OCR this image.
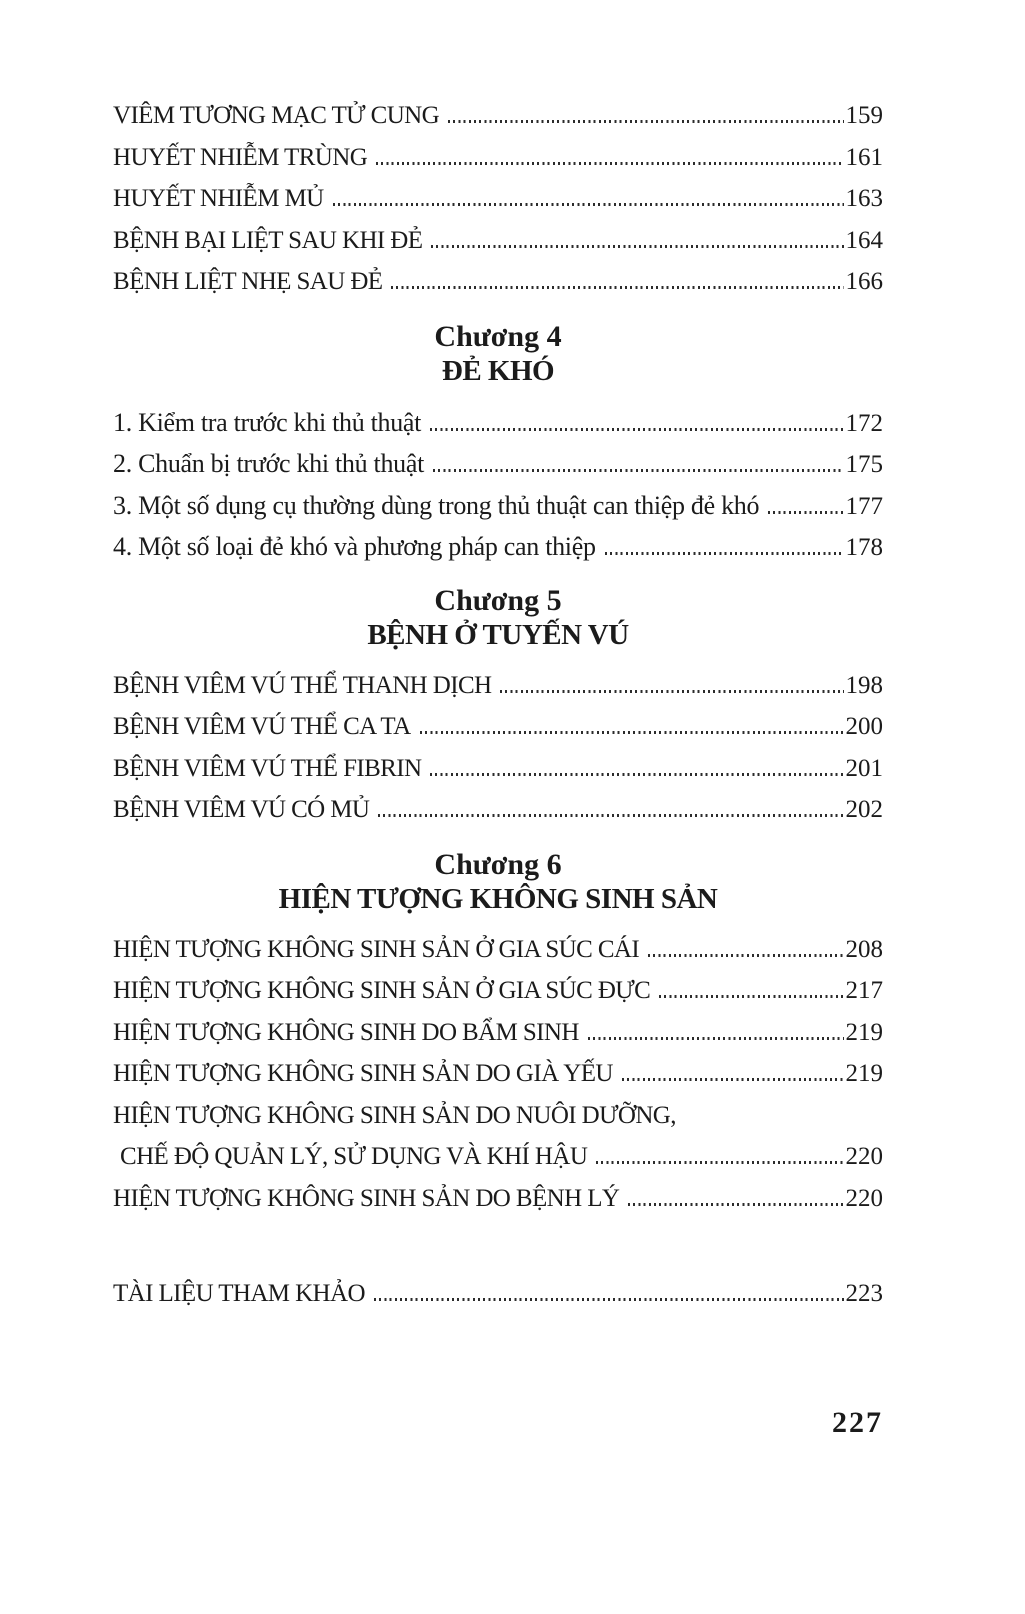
VIÊM TƯƠNG MẠC TỬ CUNG	159
HUYẾT NHIỄM TRÙNG	161
HUYẾT NHIỄM MỦ	163
BỆNH BẠI LIỆT SAU KHI ĐẺ	164
BỆNH LIỆT NHẸ SAU ĐẺ	166
Chương 4
ĐẺ KHÓ
1. Kiểm tra trước khi thủ thuật	172
2. Chuẩn bị trước khi thủ thuật	175
3. Một số dụng cụ thường dùng trong thủ thuật can thiệp đẻ khó	177
4. Một số loại đẻ khó và phương pháp can thiệp	178
Chương 5
BỆNH Ở TUYẾN VÚ
BỆNH VIÊM VÚ THỂ THANH DỊCH	198
BỆNH VIÊM VÚ THỂ CA TA	200
BỆNH VIÊM VÚ THỂ FIBRIN	201
BỆNH VIÊM VÚ CÓ MỦ	202
Chương 6
HIỆN TƯỢNG KHÔNG SINH SẢN
HIỆN TƯỢNG KHÔNG SINH SẢN Ở GIA SÚC CÁI	208
HIỆN TƯỢNG KHÔNG SINH SẢN Ở GIA SÚC ĐỰC	217
HIỆN TƯỢNG KHÔNG SINH DO BẨM SINH	219
HIỆN TƯỢNG KHÔNG SINH SẢN DO GIÀ YẾU	219
HIỆN TƯỢNG KHÔNG SINH SẢN DO NUÔI DƯỠNG,
CHẾ ĐỘ QUẢN LÝ, SỬ DỤNG VÀ KHÍ HẬU	220
HIỆN TƯỢNG KHÔNG SINH SẢN DO BỆNH LÝ	220
TÀI LIỆU THAM KHẢO	223
227
